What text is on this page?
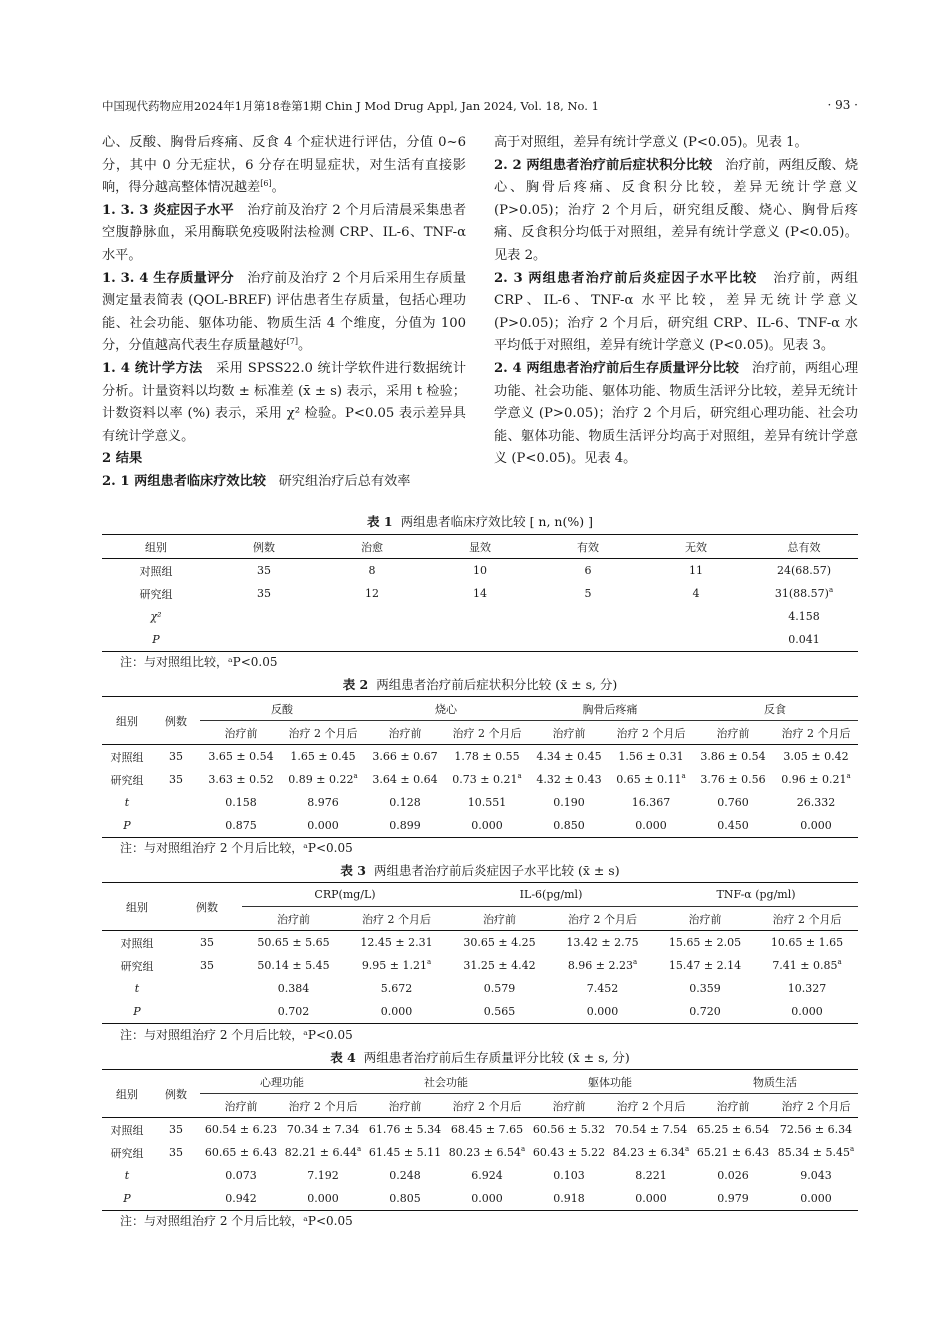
中国现代药物应用2024年1月第18卷第1期 Chin J Mod Drug Appl, Jan 2024, Vol. 18, No. 1	· 93 ·

心、反酸、胸骨后疼痛、反食 4 个症状进行评估，分值 0~6 分，其中 0 分无症状，6 分存在明显症状，对生活有直接影响，得分越高整体情况越差[6]。

1. 3. 3 炎症因子水平 治疗前及治疗 2 个月后清晨采集患者空腹静脉血，采用酶联免疫吸附法检测 CRP、IL-6、TNF-α 水平。

1. 3. 4 生存质量评分 治疗前及治疗 2 个月后采用生存质量测定量表简表 (QOL-BREF) 评估患者生存质量，包括心理功能、社会功能、躯体功能、物质生活 4 个维度，分值为 100 分，分值越高代表生存质量越好[7]。

1. 4 统计学方法 采用 SPSS22.0 统计学软件进行数据统计分析。计量资料以均数 ± 标准差 (x̄ ± s) 表示，采用 t 检验；计数资料以率 (%) 表示，采用 χ² 检验。P<0.05 表示差异具有统计学意义。

2 结果

2. 1 两组患者临床疗效比较 研究组治疗后总有效率

高于对照组，差异有统计学意义 (P<0.05)。见表 1。

2. 2 两组患者治疗前后症状积分比较 治疗前，两组反酸、烧心、胸骨后疼痛、反食积分比较，差异无统计学意义 (P>0.05)；治疗 2 个月后，研究组反酸、烧心、胸骨后疼痛、反食积分均低于对照组，差异有统计学意义 (P<0.05)。见表 2。

2. 3 两组患者治疗前后炎症因子水平比较 治疗前，两组 CRP、IL-6、TNF-α 水平比较，差异无统计学意义 (P>0.05)；治疗 2 个月后，研究组 CRP、IL-6、TNF-α 水平均低于对照组，差异有统计学意义 (P<0.05)。见表 3。

2. 4 两组患者治疗前后生存质量评分比较 治疗前，两组心理功能、社会功能、躯体功能、物质生活评分比较，差异无统计学意义 (P>0.05)；治疗 2 个月后，研究组心理功能、社会功能、躯体功能、物质生活评分均高于对照组，差异有统计学意义 (P<0.05)。见表 4。

表 1 两组患者临床疗效比较 [ n, n(%) ]
组别	例数	治愈	显效	有效	无效	总有效
对照组	35	8	10	6	11	24(68.57)
研究组	35	12	14	5	4	$31(88.57)^a$
χ²						4.158
P						0.041
注：与对照组比较，ᵃP<0.05
表 2 两组患者治疗前后症状积分比较 (x̄ ± s, 分)
组别	例数	反酸		烧心		胸骨后疼痛		反食	
		治疗前	治疗 2 个月后	治疗前	治疗 2 个月后	治疗前	治疗 2 个月后	治疗前	治疗 2 个月后
对照组	35	3.65 ± 0.54	1.65 ± 0.45	3.66 ± 0.67	1.78 ± 0.55	4.34 ± 0.45	1.56 ± 0.31	3.86 ± 0.54	3.05 ± 0.42
研究组	35	3.63 ± 0.52	0.89 ± 0.22$^a$	3.64 ± 0.64	0.73 ± 0.21$^a$	4.32 ± 0.43	0.65 ± 0.11$^a$	3.76 ± 0.56	0.96 ± 0.21$^a$
t		0.158	8.976	0.128	10.551	0.190	16.367	0.760	26.332
P		0.875	0.000	0.899	0.000	0.850	0.000	0.450	0.000
注：与对照组治疗 2 个月后比较，ᵃP<0.05
表 3 两组患者治疗前后炎症因子水平比较 (x̄ ± s)
组别	例数	CRP(mg/L)		IL-6(pg/ml)		TNF-α (pg/ml)	
		治疗前	治疗 2 个月后	治疗前	治疗 2 个月后	治疗前	治疗 2 个月后
对照组	35	50.65 ± 5.65	12.45 ± 2.31	30.65 ± 4.25	13.42 ± 2.75	15.65 ± 2.05	10.65 ± 1.65
研究组	35	50.14 ± 5.45	9.95 ± 1.21$^a$	31.25 ± 4.42	8.96 ± 2.23$^a$	15.47 ± 2.14	7.41 ± 0.85$^a$
t		0.384	5.672	0.579	7.452	0.359	10.327
P		0.702	0.000	0.565	0.000	0.720	0.000
注：与对照组治疗 2 个月后比较，ᵃP<0.05
表 4 两组患者治疗前后生存质量评分比较 (x̄ ± s, 分)
组别	例数	心理功能		社会功能		躯体功能		物质生活	
		治疗前	治疗 2 个月后	治疗前	治疗 2 个月后	治疗前	治疗 2 个月后	治疗前	治疗 2 个月后
对照组	35	60.54 ± 6.23	70.34 ± 7.34	61.76 ± 5.34	68.45 ± 7.65	60.56 ± 5.32	70.54 ± 7.54	65.25 ± 6.54	72.56 ± 6.34
研究组	35	60.65 ± 6.43	82.21 ± 6.44$^a$	61.45 ± 5.11	80.23 ± 6.54$^a$	60.43 ± 5.22	84.23 ± 6.34$^a$	65.21 ± 6.43	85.34 ± 5.45$^a$
t		0.073	7.192	0.248	6.924	0.103	8.221	0.026	9.043
P		0.942	0.000	0.805	0.000	0.918	0.000	0.979	0.000
注：与对照组治疗 2 个月后比较，ᵃP<0.05
